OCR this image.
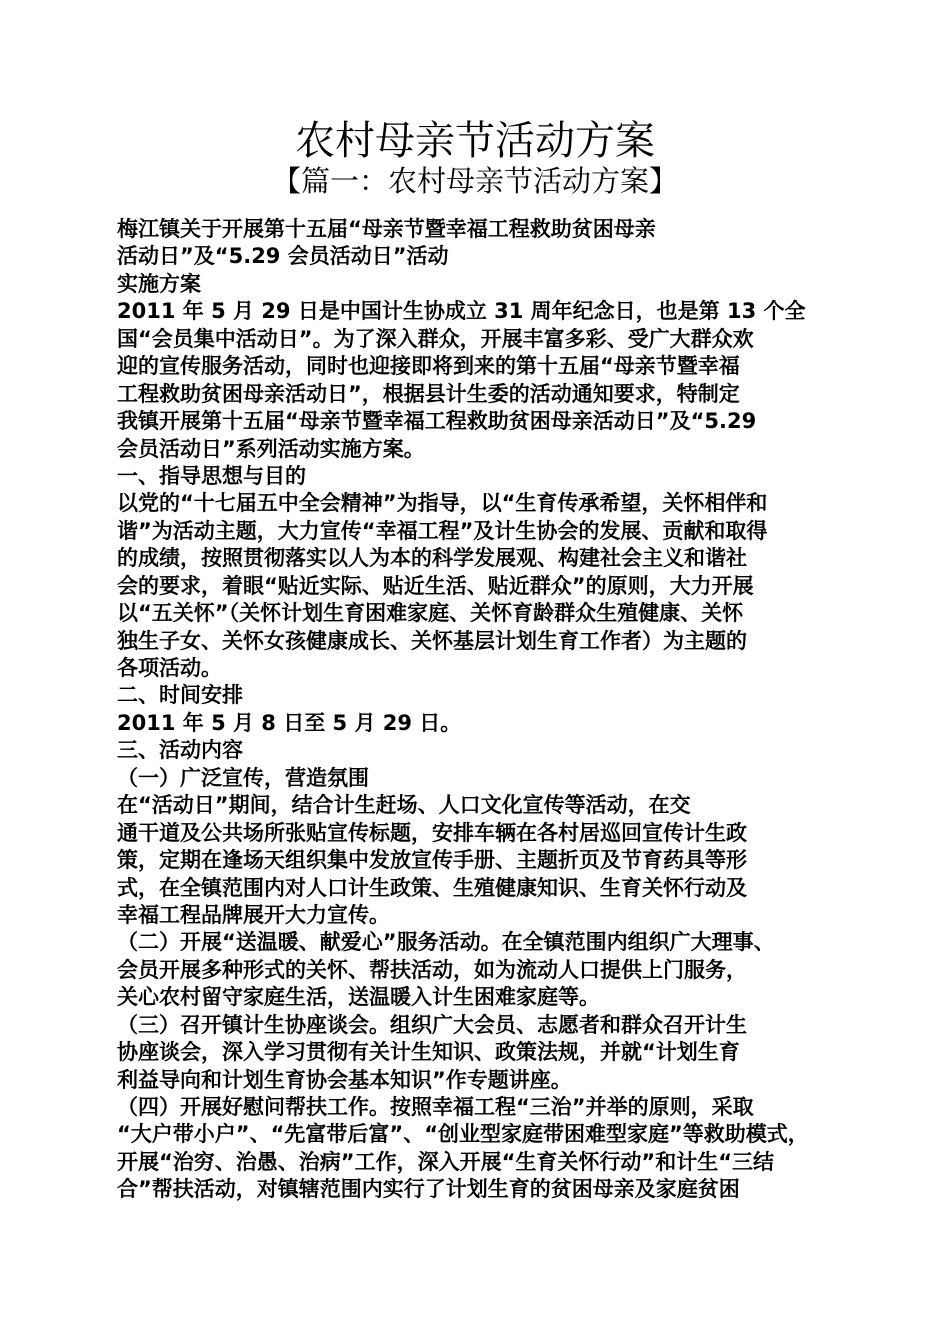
农村母亲节活动方案
【篇一：农村母亲节活动方案】
梅江镇关于开展第十五届“母亲节暨幸福工程救助贫困母亲
活动日”及“5.29 会员活动日”活动
实施方案
2011 年 5 月 29 日是中国计生协成立 31 周年纪念日，也是第 13 个全
国“会员集中活动日”。为了深入群众，开展丰富多彩、受广大群众欢
迎的宣传服务活动，同时也迎接即将到来的第十五届“母亲节暨幸福
工程救助贫困母亲活动日”，根据县计生委的活动通知要求，特制定
我镇开展第十五届“母亲节暨幸福工程救助贫困母亲活动日”及“5.29
会员活动日”系列活动实施方案。
一、指导思想与目的
以党的“十七届五中全会精神”为指导，以“生育传承希望，关怀相伴和
谐”为活动主题，大力宣传“幸福工程”及计生协会的发展、贡献和取得
的成绩，按照贯彻落实以人为本的科学发展观、构建社会主义和谐社
会的要求，着眼“贴近实际、贴近生活、贴近群众”的原则，大力开展
以“五关怀”（关怀计划生育困难家庭、关怀育龄群众生殖健康、关怀
独生子女、关怀女孩健康成长、关怀基层计划生育工作者）为主题的
各项活动。
二、时间安排
2011 年 5 月 8 日至 5 月 29 日。
三、活动内容
（一）广泛宣传，营造氛围
在“活动日”期间，结合计生赶场、人口文化宣传等活动，在交
通干道及公共场所张贴宣传标题，安排车辆在各村居巡回宣传计生政
策，定期在逢场天组织集中发放宣传手册、主题折页及节育药具等形
式，在全镇范围内对人口计生政策、生殖健康知识、生育关怀行动及
幸福工程品牌展开大力宣传。
（二）开展“送温暖、献爱心”服务活动。在全镇范围内组织广大理事、
会员开展多种形式的关怀、帮扶活动，如为流动人口提供上门服务，
关心农村留守家庭生活，送温暖入计生困难家庭等。
（三）召开镇计生协座谈会。组织广大会员、志愿者和群众召开计生
协座谈会，深入学习贯彻有关计生知识、政策法规，并就“计划生育
利益导向和计划生育协会基本知识”作专题讲座。
（四）开展好慰问帮扶工作。按照幸福工程“三治”并举的原则，采取
“大户带小户”、“先富带后富”、“创业型家庭带困难型家庭”等救助模式，
开展“治穷、治愚、治病”工作，深入开展“生育关怀行动”和计生“三结
合”帮扶活动，对镇辖范围内实行了计划生育的贫困母亲及家庭贫困
